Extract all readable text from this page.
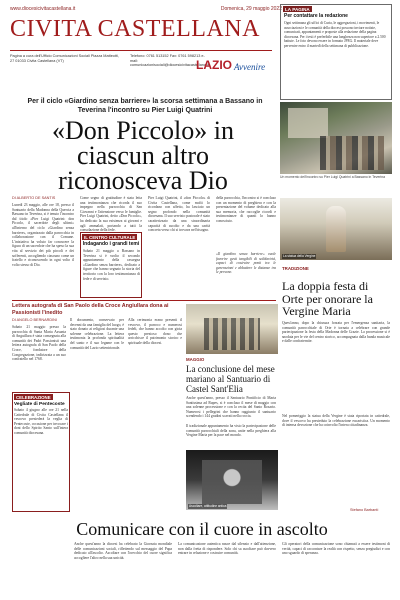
www.diocesicivitacastellana.it	Domenica, 29 maggio 2022
CIVITA CASTELLANA
Pagina a cura dell'Ufficio Comunicazioni Sociali Piazza Matteotti, 27 01033 Civita Castellana (VT)
Telefono: 0761 513152 Fax: 0761 598213 e-mail: comunicazionisociali@diocesicivitacastellana.it
LAZIO Avvenire
LA PAGINA
Per contattare la redazione
Ogni settimana gli uffici di Curia, le aggregazioni, i movimenti, le associazioni e le comunità della diocesi possono inviare notizie, comunicati, appuntamenti e proposte alla redazione della pagina diocesana. Per i testi è preferibile una lunghezza non superiore a 2.500 battute. Le foto devono essere in formato JPEG. Il materiale deve pervenire entro il martedì della settimana di pubblicazione.
Per il ciclo «Giardino senza barriere» la scorsa settimana a Bassano in Teverina l'incontro su Pier Luigi Quatrini
«Don Piccolo» in ciascun altro riconosceva Dio	Un momento dell'incontro su Pier Luigi Quatrini a Bassano in Teverina
DI ALBERTO DE SANTIS
Lunedì 23 maggio, alle ore 18, presso il Santuario della Madonna della Quercia a Bassano in Teverina, si è tenuto l'incontro dal titolo «Pier Luigi Quatrini: don Piccolo, il sacerdote degli ultimi» all'interno del ciclo «Giardino senza barriere», organizzato dalla parrocchia in collaborazione con il Comune. L'iniziativa ha voluto far conoscere la figura di un sacerdote che ha speso la sua vita al servizio dei più piccoli e dei sofferenti, accogliendo ciascuno come un fratello e riconoscendo in ogni volto il volto stesso di Dio.
Come segno di gratitudine è stata letta una testimonianza che ricorda il suo impegno nella parrocchia di San Giovanni e l'attenzione verso le famiglie. Pier Luigi Quatrini, detto «Don Piccolo», ha dedicato la sua esistenza ai giovani e agli ammalati, portando a tutti la consolazione della fede.
Pier Luigi Quatrini, il «don Piccolo» di Civita Castellana, come molti lo ricordano con affetto, ha lasciato un segno profondo nella comunità diocesana. Il suo servizio pastorale è stato caratterizzato da una straordinaria capacità di ascolto e da una carità concreta verso chi si trovava nel bisogno.
della parrocchia, l'incontro si è concluso con un momento di preghiera e con la presentazione del volume dedicato alla sua memoria, che raccoglie ricordi e testimonianze di quanti lo hanno conosciuto.
IL CENTRO CULTURALE
Indagando i grandi temi
Sabato 21 maggio a Bassano in Teverina si è svolto il secondo appuntamento della rassegna «Giardino senza barriere», dedicato a figure che hanno segnato la storia del territorio con la loro testimonianza di fede e di servizio.
«Il giardino senza barriere» vuole favorire gesti tangibili di solidarietà, capaci di costruire ponti tra le generazioni e abbattere le distanze tra le persone.
La statua della Vergine
TRADIZIONE
La doppia festa di Orte per onorare la Vergine Maria
Quest'anno, dopo la chiusura forzata per l'emergenza sanitaria, la comunità parrocchiale di Orte è tornata a celebrare con grande partecipazione la festa della Madonna delle Grazie. La processione si è snodata per le vie del centro storico, accompagnata dalla banda musicale e dalle confraternite.
Nel pomeriggio la statua della Vergine è stata riportata in cattedrale, dove il vescovo ha presieduto la celebrazione eucaristica. Un momento di intensa devozione che ha coinvolto l'intera cittadinanza.
Stefano Barbanti
Lettera autografa di San Paolo della Croce Angiullara dona ai Passionisti l'inedito
DI ANGELO BERNARDINI
Sabato 21 maggio presso la parrocchia di Santa Maria Assunta di Anguillara è stata consegnata alla comunità dei Padri Passionisti una lettera autografa di San Paolo della Croce, fondatore della Congregazione, indirizzata a un suo confratello nel 1768.
Il documento, conservato per decenni da una famiglia del luogo, è stato donato ai religiosi durante una solenne celebrazione. La lettera testimonia la profonda spiritualità del santo e il suo legame con le comunità del Lazio settentrionale.
Alla cerimonia erano presenti il vescovo, il parroco e numerosi fedeli, che hanno accolto con gioia questo prezioso dono che arricchisce il patrimonio storico e spirituale della diocesi.
MAGGIO
La conclusione del mese mariano al Santuario di Castel Sant'Elia
Anche quest'anno, presso il Santuario Pontificio di Maria Santissima ad Rupes, si è concluso il mese di maggio con una solenne processione e con la recita del Santo Rosario. Numerosi i pellegrini che hanno raggiunto il santuario scendendo i 144 gradini scavati nella roccia.
Il tradizionale appuntamento ha visto la partecipazione delle comunità parrocchiali della zona, unite nella preghiera alla Vergine Maria per la pace nel mondo.
CELEBRAZIONE
Vegliate di Pentecoste
Sabato 4 giugno alle ore 21 nella Cattedrale di Civita Castellana il vescovo presiederà la veglia di Pentecoste, occasione per invocare i doni dello Spirito Santo sull'intera comunità diocesana.
Ascoltare, attitudine antica
Comunicare con il cuore in ascolto
Anche quest'anno la diocesi ha celebrato la Giornata mondiale delle comunicazioni sociali, riflettendo sul messaggio del Papa dedicato all'ascolto. Ascoltare con l'orecchio del cuore significa accogliere l'altro nella sua unicità.
La comunicazione autentica nasce dal silenzio e dall'attenzione, non dalla fretta di rispondere. Solo chi sa ascoltare può davvero entrare in relazione e costruire comunità.
Gli operatori della comunicazione sono chiamati a essere testimoni di verità, capaci di raccontare la realtà con rispetto, senza pregiudizi e con uno sguardo di speranza.
